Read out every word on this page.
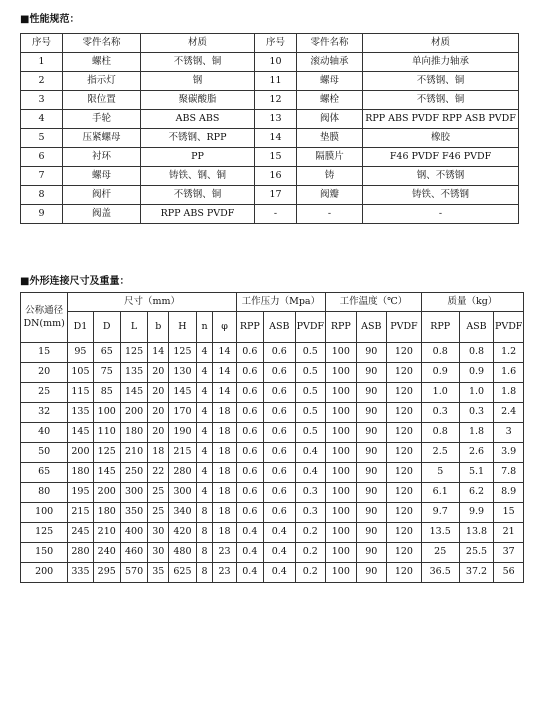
■性能规范：
序号	零件名称	材质	序号	零件名称	材质
1	螺柱	不锈钢、铜	10	滚动轴承	单向推力轴承
2	指示灯	钢	11	螺母	不锈钢、铜
3	限位置	聚碳酸脂	12	螺栓	不锈钢、铜
4	手轮	ABS ABS	13	阀体	RPP ABS PVDF RPP ASB PVDF
5	压紧螺母	不锈钢、RPP	14	垫膜	橡胶
6	衬环	PP	15	隔膜片	F46 PVDF F46 PVDF
7	螺母	铸铁、钢、铜	16	铸	钢、不锈钢
8	阀杆	不锈钢、铜	17	阀瓣	铸铁、不锈钢
9	阀盖	RPP ABS PVDF	-	-	-
■外形连接尺寸及重量：
公称通径DN(mm)	尺寸（mm）							工作压力（Mpa）			工作温度（℃）			质量（kg）		
	D1	D	L	b	H	n	φ	RPP	ASB	PVDF	RPP	ASB	PVDF	RPP	ASB	PVDF
15	95	65	125	14	125	4	14	0.6	0.6	0.5	100	90	120	0.8	0.8	1.2
20	105	75	135	20	130	4	14	0.6	0.6	0.5	100	90	120	0.9	0.9	1.6
25	115	85	145	20	145	4	14	0.6	0.6	0.5	100	90	120	1.0	1.0	1.8
32	135	100	200	20	170	4	18	0.6	0.6	0.5	100	90	120	0.3	0.3	2.4
40	145	110	180	20	190	4	18	0.6	0.6	0.5	100	90	120	0.8	1.8	3
50	200	125	210	18	215	4	18	0.6	0.6	0.4	100	90	120	2.5	2.6	3.9
65	180	145	250	22	280	4	18	0.6	0.6	0.4	100	90	120	5	5.1	7.8
80	195	200	300	25	300	4	18	0.6	0.6	0.3	100	90	120	6.1	6.2	8.9
100	215	180	350	25	340	8	18	0.6	0.6	0.3	100	90	120	9.7	9.9	15
125	245	210	400	30	420	8	18	0.4	0.4	0.2	100	90	120	13.5	13.8	21
150	280	240	460	30	480	8	23	0.4	0.4	0.2	100	90	120	25	25.5	37
200	335	295	570	35	625	8	23	0.4	0.4	0.2	100	90	120	36.5	37.2	56
